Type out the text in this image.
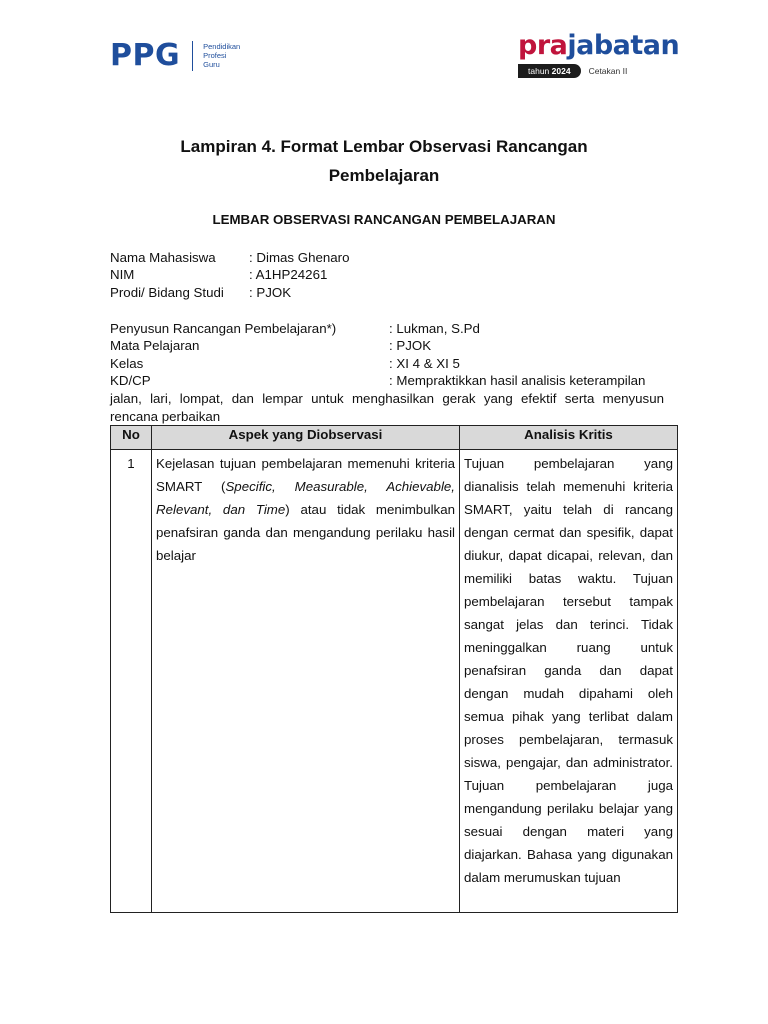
PPG	Pendidikan
Profesi
Guru
prajabatan
tahun 2024	Cetakan II
Lampiran 4. Format Lembar Observasi Rancangan
Pembelajaran
LEMBAR OBSERVASI RANCANGAN PEMBELAJARAN
Nama Mahasiswa	: Dimas Ghenaro
NIM	: A1HP24261
Prodi/ Bidang Studi : PJOK
Penyusun Rancangan Pembelajaran*)	: Lukman, S.Pd
Mata Pelajaran	: PJOK
Kelas	: XI 4 & XI 5
KD/CP	: Mempraktikkan hasil analisis keterampilan
jalan, lari, lompat, dan lempar untuk menghasilkan gerak yang efektif serta menyusun rencana perbaikan
No	Aspek yang Diobservasi	Analisis Kritis
1	Kejelasan tujuan pembelajaran memenuhi kriteria SMART (Specific, Measurable, Achievable, Relevant, dan Time) atau tidak menimbulkan penafsiran ganda dan mengandung perilaku hasil belajar	Tujuan pembelajaran yang dianalisis telah memenuhi kriteria SMART, yaitu telah di rancang dengan cermat dan spesifik, dapat diukur, dapat dicapai, relevan, dan memiliki batas waktu. Tujuan pembelajaran tersebut tampak sangat jelas dan terinci. Tidak meninggalkan ruang untuk penafsiran ganda dan dapat dengan mudah dipahami oleh semua pihak yang terlibat dalam proses pembelajaran, termasuk siswa, pengajar, dan administrator. Tujuan pembelajaran juga mengandung perilaku belajar yang sesuai dengan materi yang diajarkan. Bahasa yang digunakan dalam merumuskan tujuan
